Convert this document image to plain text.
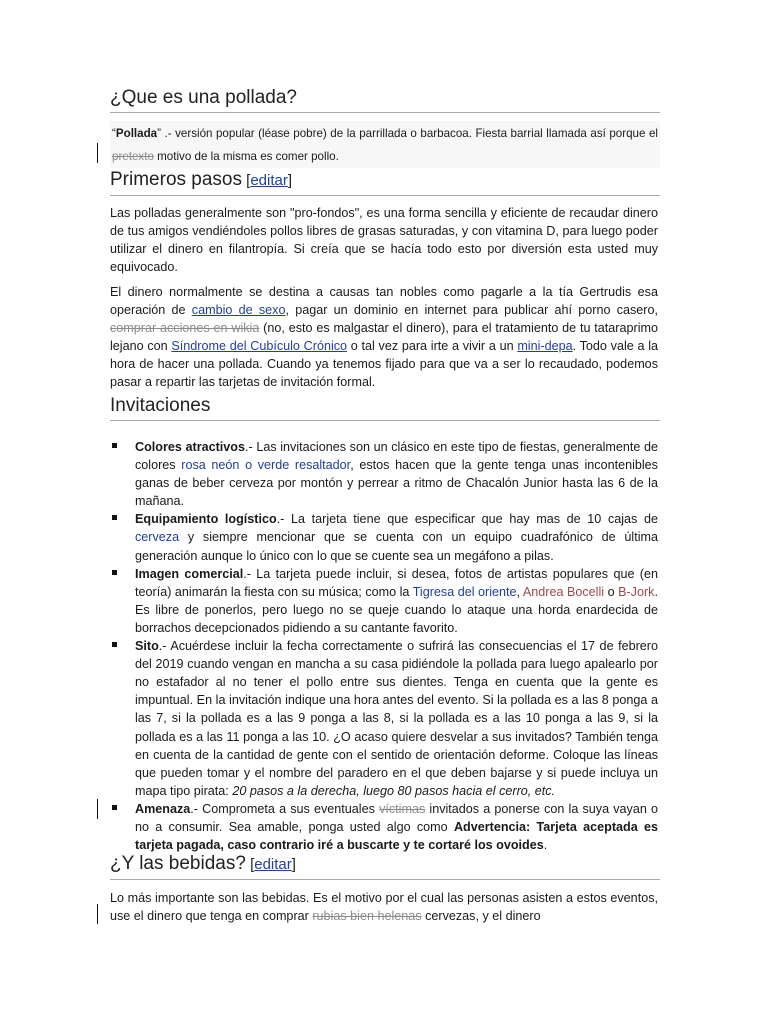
¿Que es una pollada?
“Pollada” .- versión popular (léase pobre) de la parrillada o barbacoa. Fiesta barrial llamada así porque el pretexto motivo de la misma es comer pollo.
Primeros pasos [editar]
Las polladas generalmente son "pro-fondos", es una forma sencilla y eficiente de recaudar dinero de tus amigos vendiéndoles pollos libres de grasas saturadas, y con vitamina D, para luego poder utilizar el dinero en filantropía. Si creía que se hacía todo esto por diversión esta usted muy equivocado.
El dinero normalmente se destina a causas tan nobles como pagarle a la tía Gertrudis esa operación de cambio de sexo, pagar un dominio en internet para publicar ahí porno casero, comprar acciones en wikia (no, esto es malgastar el dinero), para el tratamiento de tu tataraprimo lejano con Síndrome del Cubículo Crónico o tal vez para irte a vivir a un mini-depa. Todo vale a la hora de hacer una pollada. Cuando ya tenemos fijado para que va a ser lo recaudado, podemos pasar a repartir las tarjetas de invitación formal.
Invitaciones
Colores atractivos.- Las invitaciones son un clásico en este tipo de fiestas, generalmente de colores rosa neón o verde resaltador, estos hacen que la gente tenga unas incontenibles ganas de beber cerveza por montón y perrear a ritmo de Chacalón Junior hasta las 6 de la mañana.
Equipamiento logístico.- La tarjeta tiene que especificar que hay mas de 10 cajas de cerveza y siempre mencionar que se cuenta con un equipo cuadrafónico de última generación aunque lo único con lo que se cuente sea un megáfono a pilas.
Imagen comercial.- La tarjeta puede incluir, si desea, fotos de artistas populares que (en teoría) animarán la fiesta con su música; como la Tigresa del oriente, Andrea Bocelli o B-Jork. Es libre de ponerlos, pero luego no se queje cuando lo ataque una horda enardecida de borrachos decepcionados pidiendo a su cantante favorito.
Sito.- Acuérdese incluir la fecha correctamente o sufrirá las consecuencias el 17 de febrero del 2019 cuando vengan en mancha a su casa pidiéndole la pollada para luego apalearlo por no estafador al no tener el pollo entre sus dientes. Tenga en cuenta que la gente es impuntual. En la invitación indique una hora antes del evento. Si la pollada es a las 8 ponga a las 7, si la pollada es a las 9 ponga a las 8, si la pollada es a las 10 ponga a las 9, si la pollada es a las 11 ponga a las 10. ¿O acaso quiere desvelar a sus invitados? También tenga en cuenta de la cantidad de gente con el sentido de orientación deforme. Coloque las líneas que pueden tomar y el nombre del paradero en el que deben bajarse y si puede incluya un mapa tipo pirata: 20 pasos a la derecha, luego 80 pasos hacia el cerro, etc.
Amenaza.- Comprometa a sus eventuales víctimas invitados a ponerse con la suya vayan o no a consumir. Sea amable, ponga usted algo como Advertencia: Tarjeta aceptada es tarjeta pagada, caso contrario iré a buscarte y te cortaré los ovoides.
¿Y las bebidas? [editar]
Lo más importante son las bebidas. Es el motivo por el cual las personas asisten a estos eventos, use el dinero que tenga en comprar rubias bien helenas cervezas, y el dinero
